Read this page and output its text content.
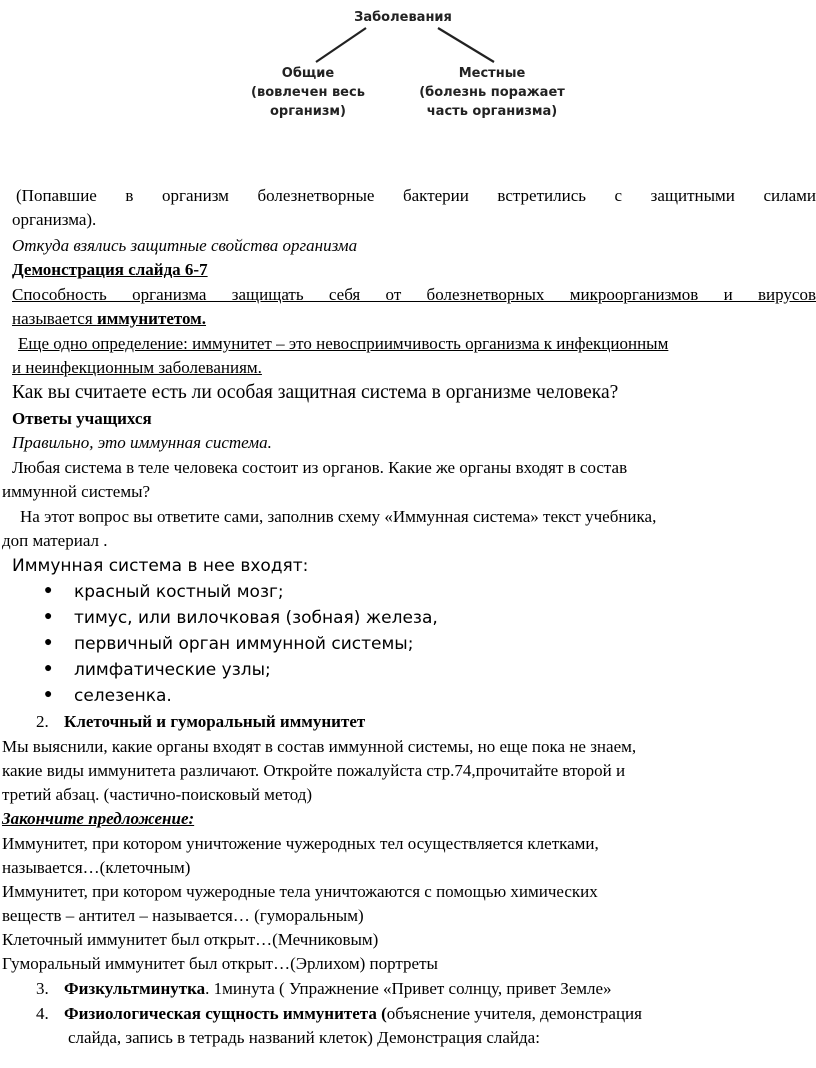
Заболевания
Общие
(вовлечен весь
организм)
Местные
(болезнь поражает
часть организма)
(Попавшие в организм болезнетворные бактерии встретились с защитными силами
организма).
Откуда взялись защитные свойства организма
Демонстрация слайда 6-7
Способность организма защищать себя от болезнетворных микроорганизмов и вирусов
называется иммунитетом.
Еще одно определение: иммунитет – это невосприимчивость организма к инфекционным
и неинфекционным заболеваниям.
Как вы считаете есть ли особая защитная система в организме человека?
Ответы учащихся
Правильно, это иммунная система.
Любая система в теле человека состоит из органов. Какие же органы входят в состав
иммунной системы?
На этот вопрос вы ответите сами, заполнив схему «Иммунная система» текст учебника,
доп материал .
Иммунная система в нее входят:
● красный костный мозг;
● тимус, или вилочковая (зобная) железа,
● первичный орган иммунной системы;
● лимфатические узлы;
● селезенка.
2. Клеточный и гуморальный иммунитет
Мы выяснили, какие органы входят в состав иммунной системы, но еще пока не знаем,
какие виды иммунитета различают. Откройте пожалуйста стр.74,прочитайте второй и
третий абзац. (частично-поисковый метод)
Закончите предложение:
Иммунитет, при котором уничтожение чужеродных тел осуществляется клетками,
называется…(клеточным)
Иммунитет, при котором чужеродные тела уничтожаются с помощью химических
веществ – антител – называется… (гуморальным)
Клеточный иммунитет был открыт…(Мечниковым)
Гуморальный иммунитет был открыт…(Эрлихом) портреты
3. Физкультминутка. 1минута ( Упражнение «Привет солнцу, привет Земле»
4. Физиологическая сущность иммунитета (объяснение учителя, демонстрация
слайда, запись в тетрадь названий клеток) Демонстрация слайда:
